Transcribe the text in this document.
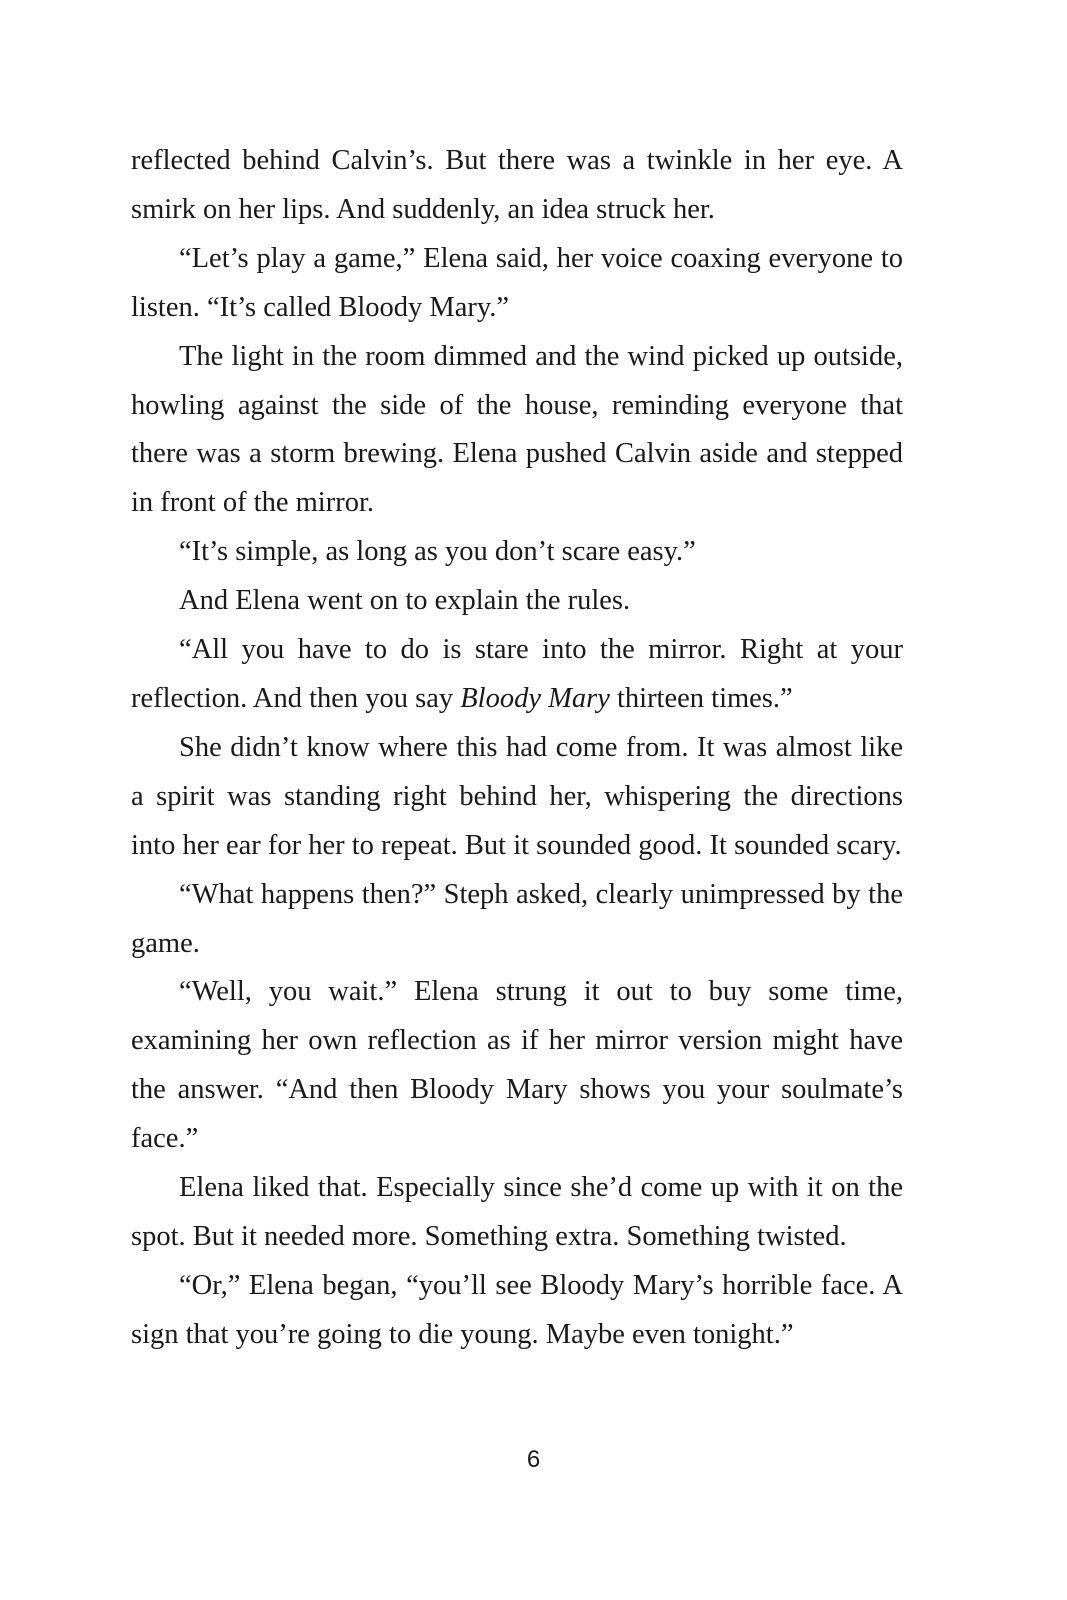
reflected behind Calvin’s. But there was a twinkle in her eye. A smirk on her lips. And suddenly, an idea struck her.

“Let’s play a game,” Elena said, her voice coaxing everyone to listen. “It’s called Bloody Mary.”

The light in the room dimmed and the wind picked up outside, howling against the side of the house, reminding everyone that there was a storm brewing. Elena pushed Calvin aside and stepped in front of the mirror.

“It’s simple, as long as you don’t scare easy.”

And Elena went on to explain the rules.

“All you have to do is stare into the mirror. Right at your reflection. And then you say Bloody Mary thirteen times.”

She didn’t know where this had come from. It was almost like a spirit was standing right behind her, whispering the directions into her ear for her to repeat. But it sounded good. It sounded scary.

“What happens then?” Steph asked, clearly unimpressed by the game.

“Well, you wait.” Elena strung it out to buy some time, examining her own reflection as if her mirror version might have the answer. “And then Bloody Mary shows you your soulmate’s face.”

Elena liked that. Especially since she’d come up with it on the spot. But it needed more. Something extra. Something twisted.

“Or,” Elena began, “you’ll see Bloody Mary’s horrible face. A sign that you’re going to die young. Maybe even tonight.”

6
